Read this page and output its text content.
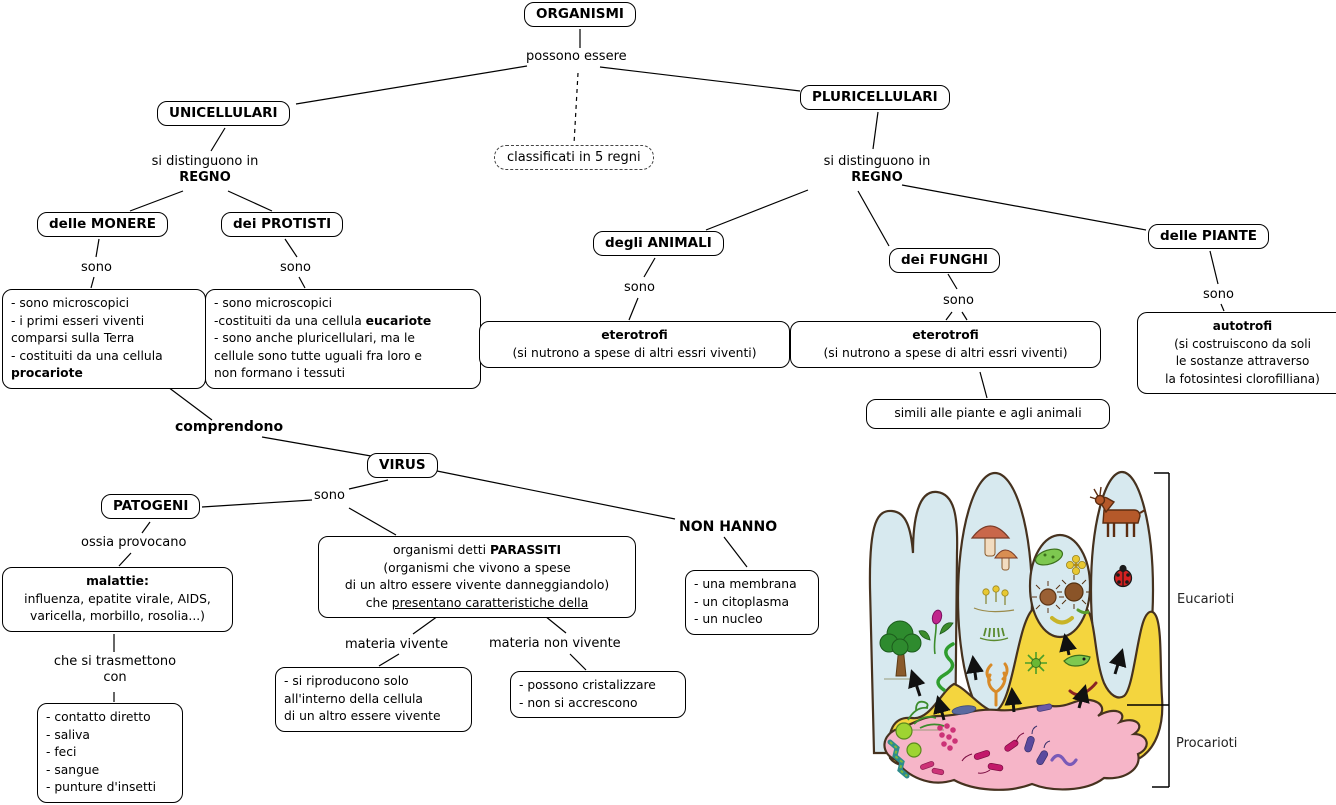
ORGANISMI
possono essere
classificati in 5 regni
UNICELLULARI
PLURICELLULARI
si distinguono in
REGNO
si distinguono in
REGNO
delle MONERE	dei PROTISTI
degli ANIMALI
dei FUNGHI
delle PIANTE
sono	sono
sono
sono	sono
- sono microscopici
- i primi esseri viventi
comparsi sulla Terra
- costituiti da una cellula
procariote
- sono microscopici
-costituiti da una cellula eucariote
- sono anche pluricellulari, ma le
cellule sono tutte uguali fra loro e
non formano i tessuti
eterotrofi
(si nutrono a spese di altri essri viventi)
eterotrofi
(si nutrono a spese di altri essri viventi)
simili alle piante e agli animali
autotrofi
(si costruiscono da soli
le sostanze attraverso
la fotosintesi clorofilliana)
comprendono
VIRUS
sono
PATOGENI
ossia provocano
malattie:
influenza, epatite virale, AIDS,
varicella, morbillo, rosolia...)
che si trasmettono
con
- contatto diretto
- saliva
- feci
- sangue
- punture d'insetti
organismi detti PARASSITI
(organismi che vivono a spese
di un altro essere vivente danneggiandolo)
che presentano caratteristiche della
materia vivente	materia non vivente
- si riproducono solo
all'interno della cellula
di un altro essere vivente
- possono cristalizzare
- non si accrescono
NON HANNO
- una membrana
- un citoplasma
- un nucleo
Eucarioti
Procarioti
